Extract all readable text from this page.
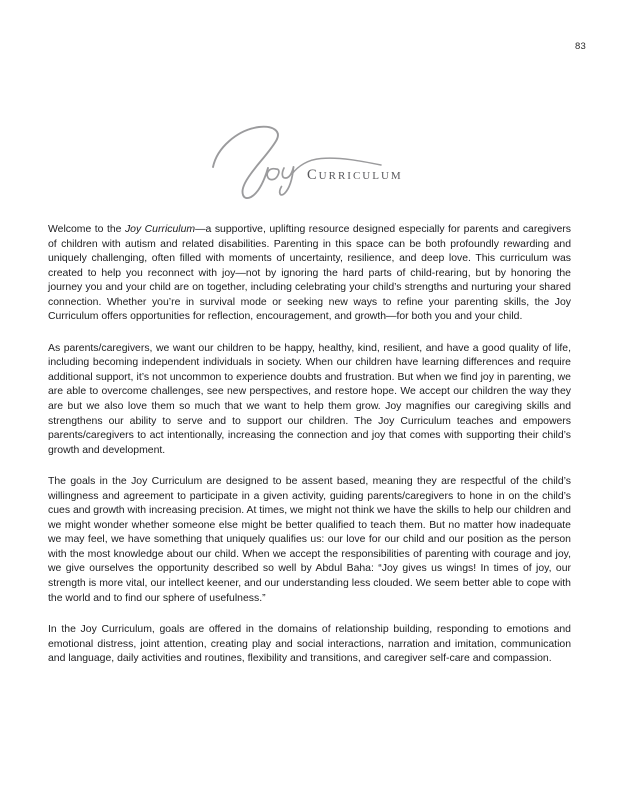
83
CURRICULUM

Welcome to the Joy Curriculum—a supportive, uplifting resource designed especially for parents and caregivers of children with autism and related disabilities. Parenting in this space can be both profoundly rewarding and uniquely challenging, often filled with moments of uncertainty, resilience, and deep love. This curriculum was created to help you reconnect with joy—not by ignoring the hard parts of child-rearing, but by honoring the journey you and your child are on together, including celebrating your child’s strengths and nurturing your shared connection. Whether you’re in survival mode or seeking new ways to refine your parenting skills, the Joy Curriculum offers opportunities for reflection, encouragement, and growth—for both you and your child.

As parents/caregivers, we want our children to be happy, healthy, kind, resilient, and have a good quality of life, including becoming independent individuals in society. When our children have learning differences and require additional support, it’s not uncommon to experience doubts and frustration. But when we find joy in parenting, we are able to overcome challenges, see new perspectives, and restore hope. We accept our children the way they are but we also love them so much that we want to help them grow. Joy magnifies our caregiving skills and strengthens our ability to serve and to support our children. The Joy Curriculum teaches and empowers parents/caregivers to act intentionally, increasing the connection and joy that comes with supporting their child’s growth and development.

The goals in the Joy Curriculum are designed to be assent based, meaning they are respectful of the child’s willingness and agreement to participate in a given activity, guiding parents/caregivers to hone in on the child’s cues and growth with increasing precision. At times, we might not think we have the skills to help our children and we might wonder whether someone else might be better qualified to teach them. But no matter how inadequate we may feel, we have something that uniquely qualifies us: our love for our child and our position as the person with the most knowledge about our child. When we accept the responsibilities of parenting with courage and joy, we give ourselves the opportunity described so well by Abdul Baha: “Joy gives us wings! In times of joy, our strength is more vital, our intellect keener, and our understanding less clouded. We seem better able to cope with the world and to find our sphere of usefulness.”

In the Joy Curriculum, goals are offered in the domains of relationship building, responding to emotions and emotional distress, joint attention, creating play and social interactions, narration and imitation, communication and language, daily activities and routines, flexibility and transitions, and caregiver self-care and compassion.
